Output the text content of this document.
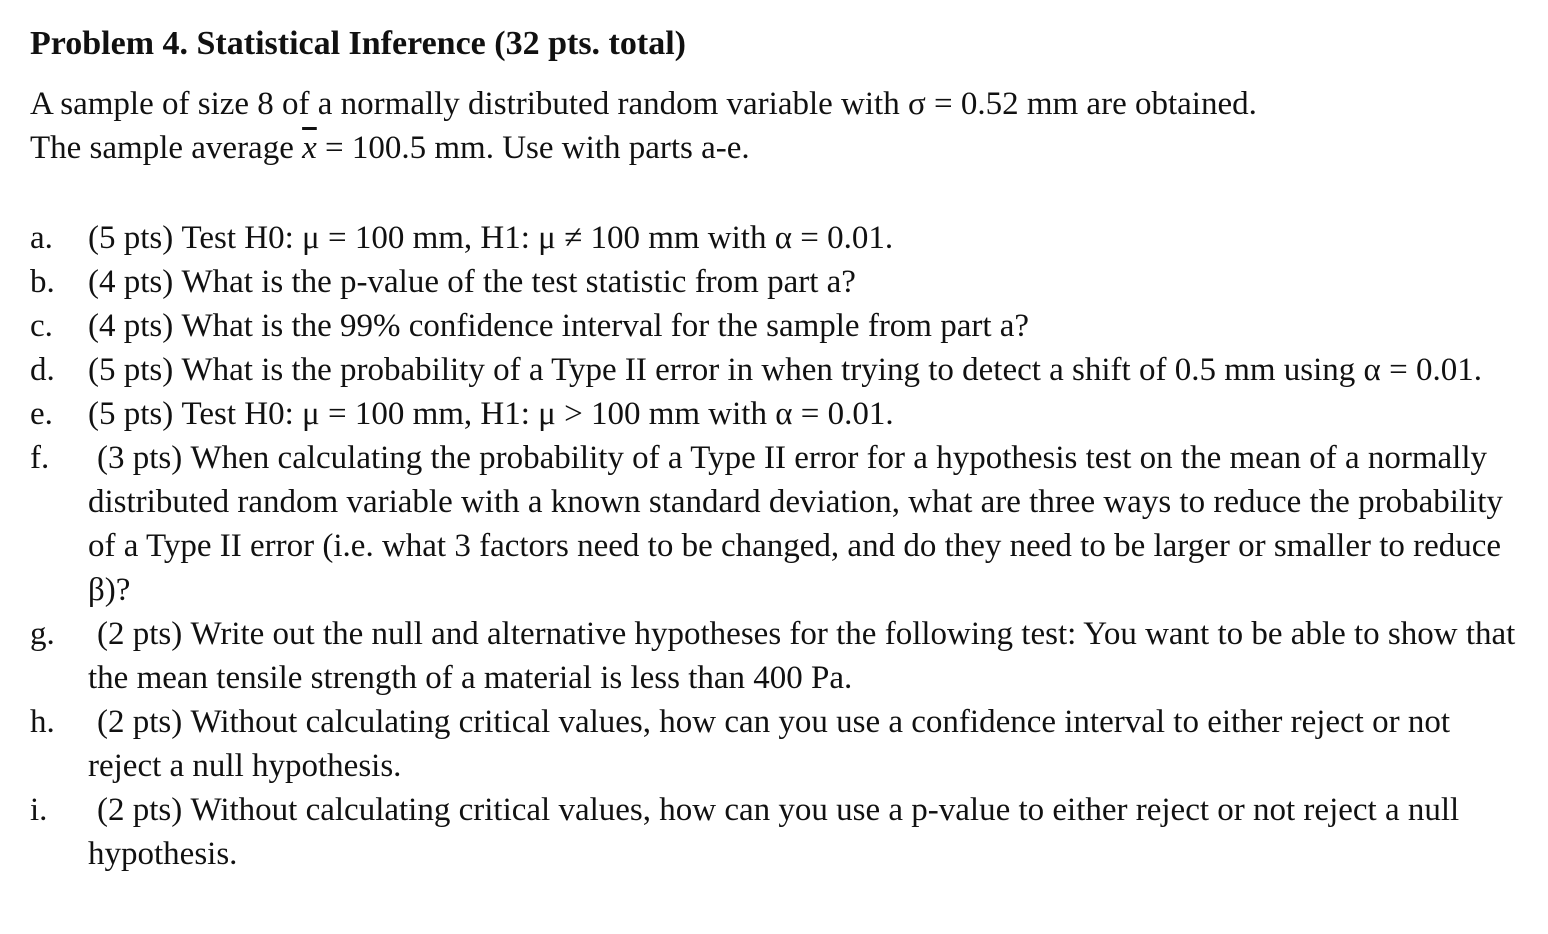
Problem 4. Statistical Inference (32 pts. total)
A sample of size 8 of a normally distributed random variable with σ = 0.52 mm are obtained.
The sample average $\overline{x} = 100.5$ mm. Use with parts a-e.
a.	(5 pts) Test H0: μ = 100 mm, H1: μ ≠ 100 mm with α = 0.01.
b.	(4 pts) What is the p-value of the test statistic from part a?
c.	(4 pts) What is the 99% confidence interval for the sample from part a?
d.	(5 pts) What is the probability of a Type II error in when trying to detect a shift of 0.5 mm using α = 0.01.
e.	(5 pts) Test H0: μ = 100 mm, H1: μ > 100 mm with α = 0.01.
f.	(3 pts) When calculating the probability of a Type II error for a hypothesis test on the mean of a normally distributed random variable with a known standard deviation, what are three ways to reduce the probability of a Type II error (i.e. what 3 factors need to be changed, and do they need to be larger or smaller to reduce β)?
g.	(2 pts) Write out the null and alternative hypotheses for the following test: You want to be able to show that the mean tensile strength of a material is less than 400 Pa.
h.	(2 pts) Without calculating critical values, how can you use a confidence interval to either reject or not reject a null hypothesis.
i.	(2 pts) Without calculating critical values, how can you use a p-value to either reject or not reject a null hypothesis.
